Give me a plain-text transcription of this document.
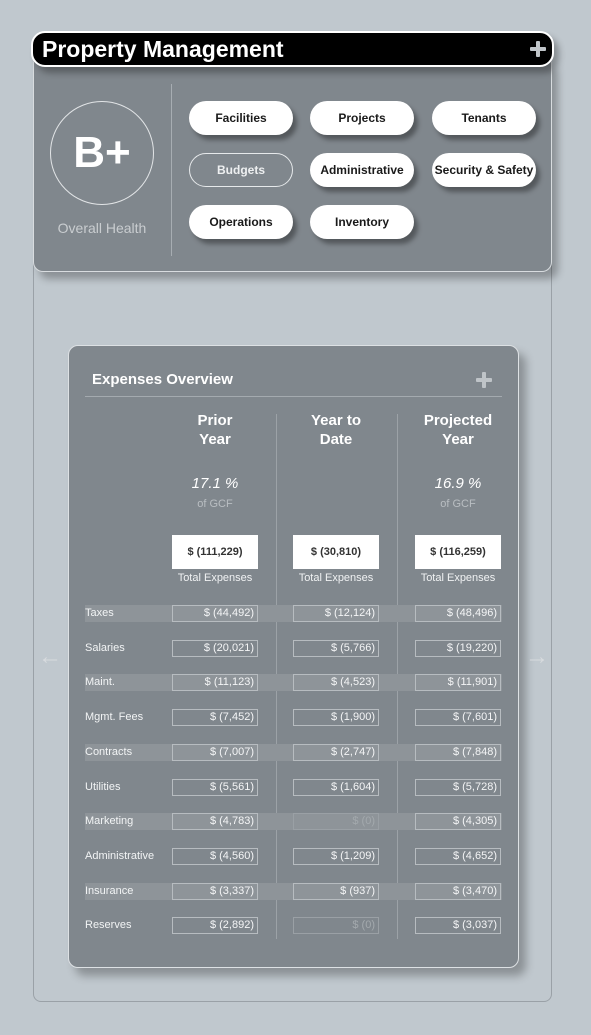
Property Management
B+
Overall Health
Facilities	Projects	Tenants
Budgets	Administrative	Security & Safety
Operations	Inventory
Expenses Overview
Prior
Year
17.1 %
of GCF
$ (111,229)
Total Expenses
Year to
Date
$ (30,810)
Total Expenses
Projected
Year
16.9 %
of GCF
$ (116,259)
Total Expenses
Taxes	$ (44,492)	$ (12,124)	$ (48,496)
Salaries	$ (20,021)	$ (5,766)	$ (19,220)
Maint.	$ (11,123)	$ (4,523)	$ (11,901)
Mgmt. Fees	$ (7,452)	$ (1,900)	$ (7,601)
Contracts	$ (7,007)	$ (2,747)	$ (7,848)
Utilities	$ (5,561)	$ (1,604)	$ (5,728)
Marketing	$ (4,783)	$ (0)	$ (4,305)
Administrative	$ (4,560)	$ (1,209)	$ (4,652)
Insurance	$ (3,337)	$ (937)	$ (3,470)
Reserves	$ (2,892)	$ (0)	$ (3,037)
←	→
